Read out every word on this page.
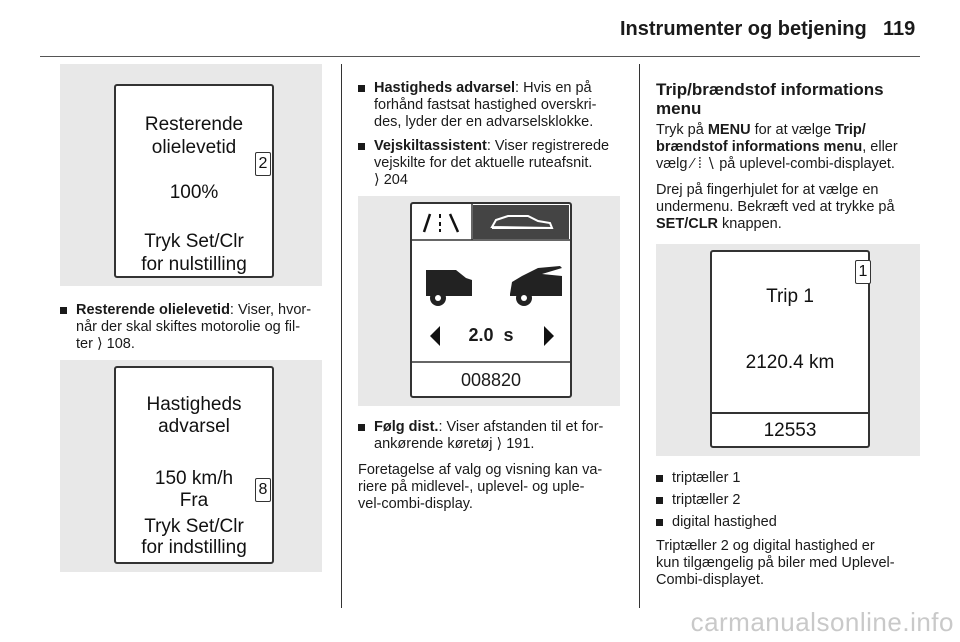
Instrumenter og betjening 119
Resterende
olielevetid
100%
Tryk Set/Clr
for nulstilling
2
Resterende olielevetid: Viser, hvor-
når der skal skiftes motorolie og fil-
ter ⟩ 108.
Hastigheds
advarsel
150 km/h
Fra
Tryk Set/Clr
for indstilling
8
Hastigheds advarsel: Hvis en på
forhånd fastsat hastighed overskri-
des, lyder der en advarselsklokke.
Vejskiltassistent: Viser registrerede
vejskilte for det aktuelle ruteafsnit.
⟩ 204
2.0  s
008820
Følg dist.: Viser afstanden til et for-
ankørende køretøj ⟩ 191.
Foretagelse af valg og visning kan va-
riere på midlevel-, uplevel- og uple-
vel-combi-display.
Trip/brændstof informations
menu
Tryk på MENU for at vælge Trip/
brændstof informations menu, eller
vælg ⁄ ⁞ ∖ på uplevel-combi-displayet.
Drej på fingerhjulet for at vælge en
undermenu. Bekræft ved at trykke på
SET/CLR knappen.
Trip 1
2120.4 km
12553
1
triptæller 1
triptæller 2
digital hastighed
Triptæller 2 og digital hastighed er
kun tilgængelig på biler med Uplevel-
Combi-displayet.
carmanualsonline.info
